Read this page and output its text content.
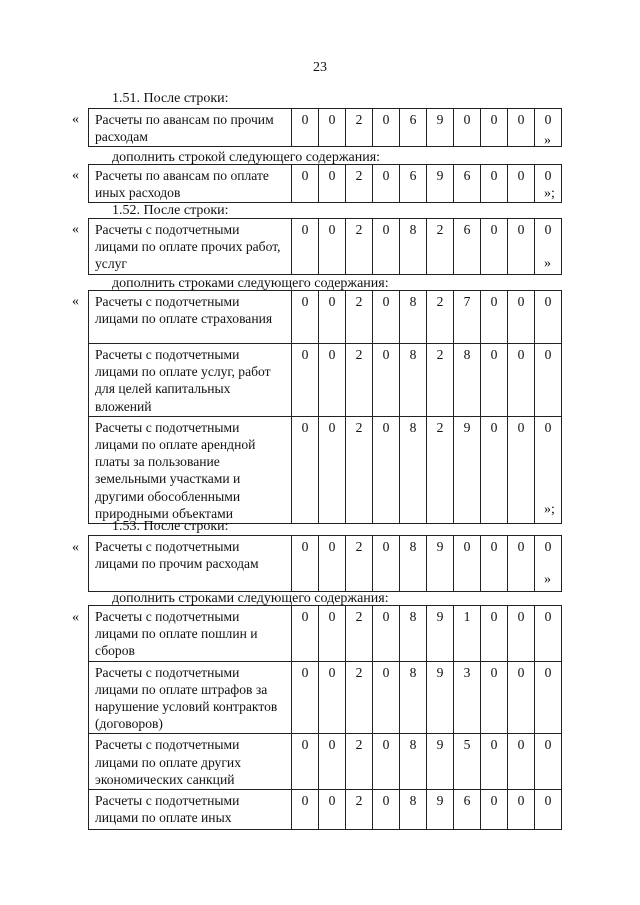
23
1.51. После строки:
« Расчеты по авансам по прочим расходам	0	0	2	0	6	9	0	0	0	0
»
дополнить строкой следующего содержания:
« Расчеты по авансам по оплате иных расходов	0	0	2	0	6	9	6	0	0	0
»;
1.52. После строки:
« Расчеты с подотчетными лицами по оплате прочих работ, услуг	0	0	2	0	8	2	6	0	0	0
»
дополнить строками следующего содержания:
« Расчеты с подотчетными лицами по оплате страхования	0	0	2	0	8	2	7	0	0	0
Расчеты с подотчетными лицами по оплате услуг, работ для целей капитальных вложений	0	0	2	0	8	2	8	0	0	0
Расчеты с подотчетными лицами по оплате арендной платы за пользование земельными участками и другими обособленными природными объектами	0	0	2	0	8	2	9	0	0	0
»;
1.53. После строки:
« Расчеты с подотчетными лицами по прочим расходам	0	0	2	0	8	9	0	0	0	0
»
дополнить строками следующего содержания:
« Расчеты с подотчетными лицами по оплате пошлин и сборов	0	0	2	0	8	9	1	0	0	0
Расчеты с подотчетными лицами по оплате штрафов за нарушение условий контрактов (договоров)	0	0	2	0	8	9	3	0	0	0
Расчеты с подотчетными лицами по оплате других экономических санкций	0	0	2	0	8	9	5	0	0	0
Расчеты с подотчетными лицами по оплате иных	0	0	2	0	8	9	6	0	0	0
